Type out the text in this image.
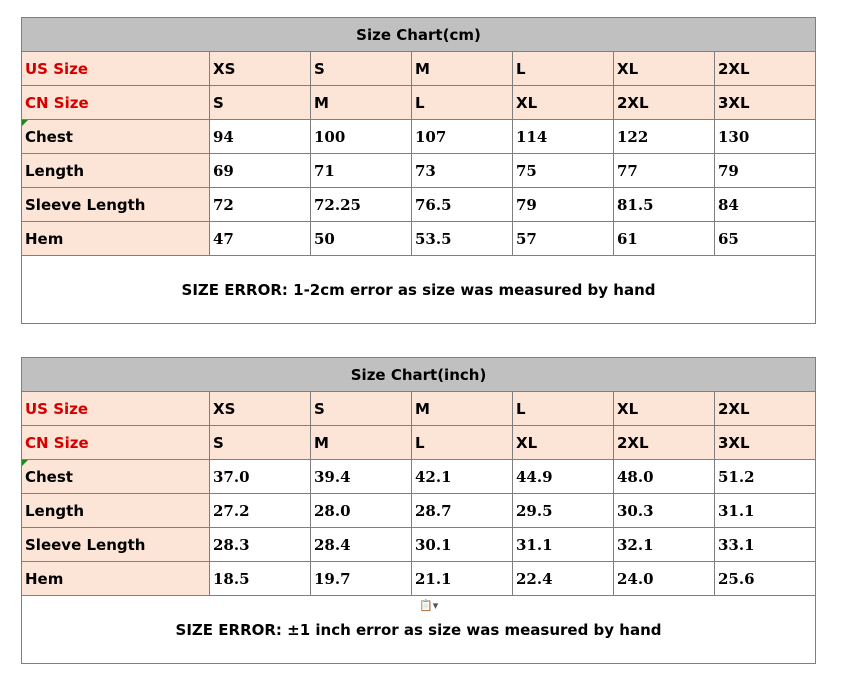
Size Chart(cm)						
US Size	XS	S	M	L	XL	2XL
CN Size	S	M	L	XL	2XL	3XL

Chest	94	100	107	114	122	130
Length	69	71	73	75	77	79
Sleeve Length	72	72.25	76.5	79	81.5	84
Hem	47	50	53.5	57	61	65
SIZE ERROR: 1-2cm error as size was measured by hand						
Size Chart(inch)						
US Size	XS	S	M	L	XL	2XL
CN Size	S	M	L	XL	2XL	3XL

Chest	37.0	39.4	42.1	44.9	48.0	51.2
Length	27.2	28.0	28.7	29.5	30.3	31.1
Sleeve Length	28.3	28.4	30.1	31.1	32.1	33.1
Hem	18.5	19.7	21.1	22.4	24.0	25.6

📋▾
SIZE ERROR: ±1 inch error as size was measured by hand						
